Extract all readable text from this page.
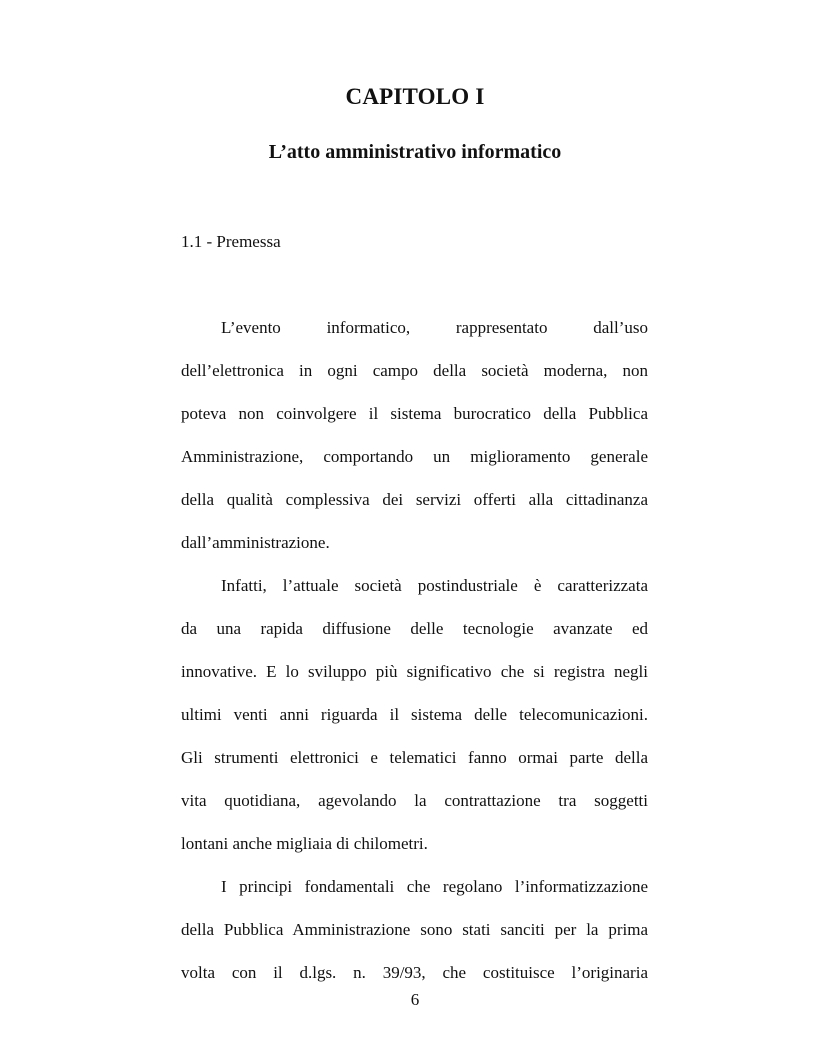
CAPITOLO I
L’atto amministrativo informatico
1.1 - Premessa
L’evento informatico, rappresentato dall’uso
dell’elettronica in ogni campo della società moderna, non
poteva non coinvolgere il sistema burocratico della Pubblica
Amministrazione, comportando un miglioramento generale
della qualità complessiva dei servizi offerti alla cittadinanza
dall’amministrazione.
Infatti, l’attuale società postindustriale è caratterizzata
da una rapida diffusione delle tecnologie avanzate ed
innovative. E lo sviluppo più significativo che si registra negli
ultimi venti anni riguarda il sistema delle telecomunicazioni.
Gli strumenti elettronici e telematici fanno ormai parte della
vita quotidiana, agevolando la contrattazione tra soggetti
lontani anche migliaia di chilometri.
I principi fondamentali che regolano l’informatizzazione
della Pubblica Amministrazione sono stati sanciti per la prima
volta con il d.lgs. n. 39/93, che costituisce l’originaria
6
